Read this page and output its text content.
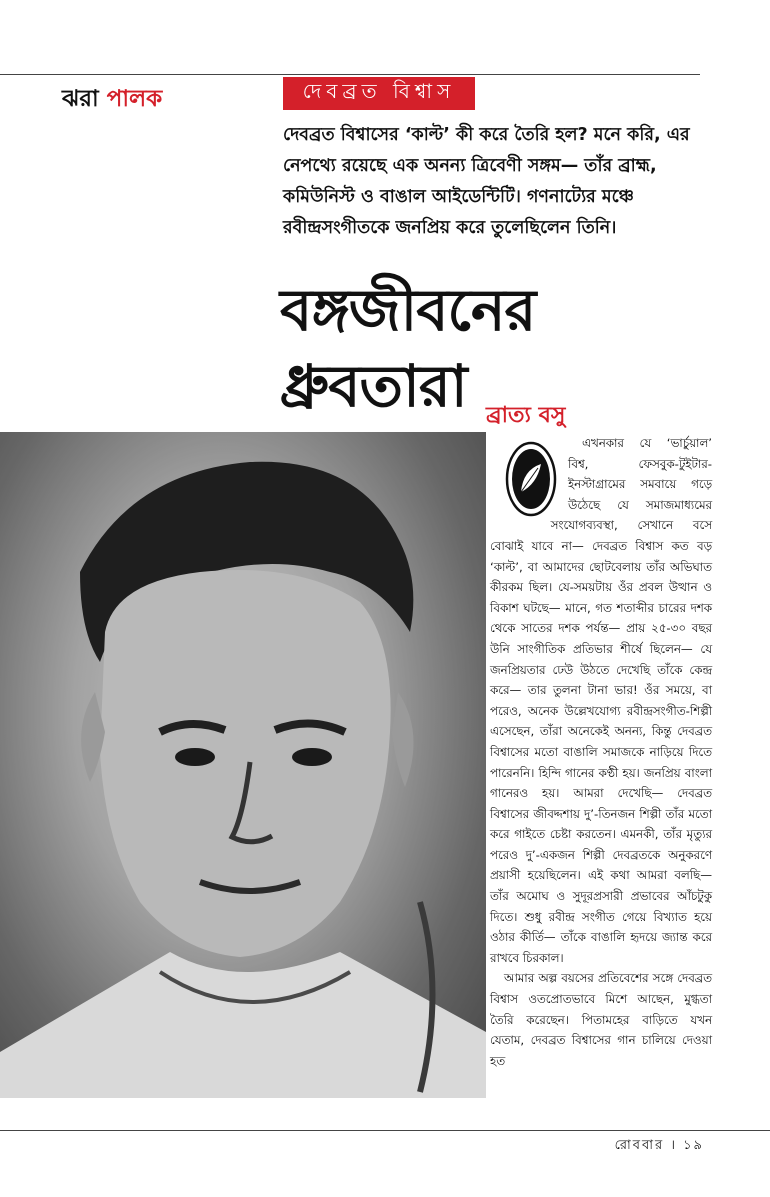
ঝরা পালক	দেবব্রত বিশ্বাস

দেবব্রত বিশ্বাসের ‘কাল্ট’ কী করে তৈরি হল? মনে করি, এর নেপথ্যে রয়েছে এক অনন্য ত্রিবেণী সঙ্গম— তাঁর ব্রাহ্ম, কমিউনিস্ট ও বাঙাল আইডেন্টিটি। গণনাট্যের মঞ্চে রবীন্দ্রসংগীতকে জনপ্রিয় করে তুলেছিলেন তিনি।

বঙ্গজীবনের
ধ্রুবতারা ব্রাত্য বসু

এখনকার যে ‘ভার্চুয়াল’ বিশ্ব, ফেসবুক-টুইটার-ইনস্টাগ্রামের সমবায়ে গড়ে উঠেছে যে সমাজমাধ্যমের সংযোগব্যবস্থা, সেখানে বসে বোঝাই যাবে না— দেবব্রত বিশ্বাস কত বড় ‘কাল্ট’, বা আমাদের ছোটবেলায় তাঁর অভিঘাত কীরকম ছিল। যে-সময়টায় ওঁর প্রবল উত্থান ও বিকাশ ঘটছে— মানে, গত শতাব্দীর চারের দশক থেকে সাতের দশক পর্যন্ত— প্রায় ২৫-৩০ বছর উনি সাংগীতিক প্রতিভার শীর্ষে ছিলেন— যে জনপ্রিয়তার ঢেউ উঠতে দেখেছি তাঁকে কেন্দ্র করে— তার তুলনা টানা ভার! ওঁর সময়ে, বা পরেও, অনেক উল্লেখযোগ্য রবীন্দ্রসংগীত-শিল্পী এসেছেন, তাঁরা অনেকেই অনন্য, কিন্তু দেবব্রত বিশ্বাসের মতো বাঙালি সমাজকে নাড়িয়ে দিতে পারেননি। হিন্দি গানের কণ্ঠী হয়। জনপ্রিয় বাংলা গানেরও হয়। আমরা দেখেছি— দেবব্রত বিশ্বাসের জীবদ্দশায় দু’-তিনজন শিল্পী তাঁর মতো করে গাইতে চেষ্টা করতেন। এমনকী, তাঁর মৃত্যুর পরেও দু’-একজন শিল্পী দেবব্রতকে অনুকরণে প্রয়াসী হয়েছিলেন। এই কথা আমরা বলছি— তাঁর অমোঘ ও সুদূরপ্রসারী প্রভাবের আঁচটুকু দিতে। শুধু রবীন্দ্র সংগীত গেয়ে বিখ্যাত হয়ে ওঠার কীর্তি— তাঁকে বাঙালি হৃদয়ে জ্যান্ত করে রাখবে চিরকাল।

আমার অল্প বয়সের প্রতিবেশের সঙ্গে দেবব্রত বিশ্বাস ওতপ্রোতভাবে মিশে আছেন, মুগ্ধতা তৈরি করেছেন। পিতামহের বাড়িতে যখন যেতাম, দেবব্রত বিশ্বাসের গান চালিয়ে দেওয়া হত

রোববার । ১৯
